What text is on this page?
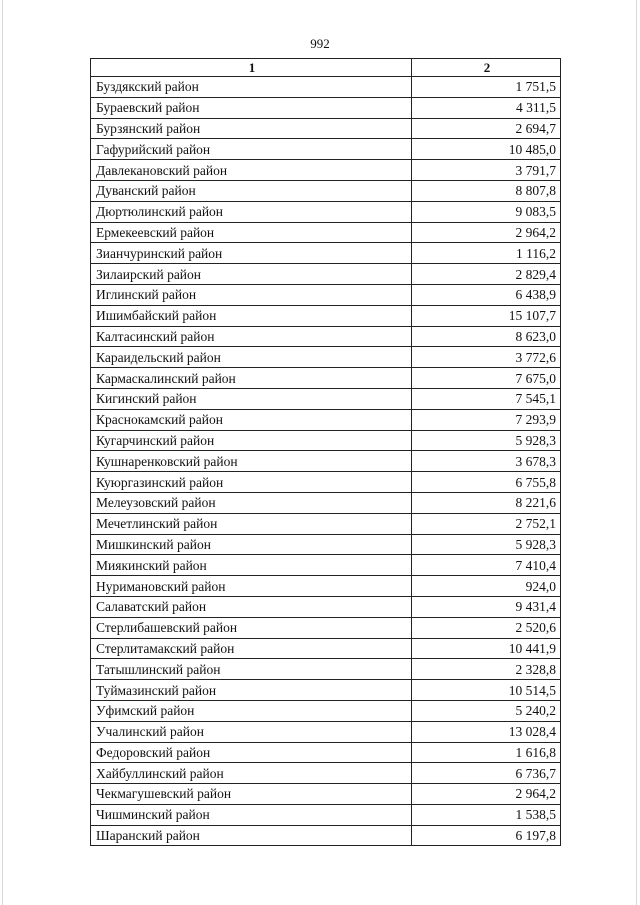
992
1	2
Буздякский район	1 751,5
Бураевский район	4 311,5
Бурзянский район	2 694,7
Гафурийский район	10 485,0
Давлекановский район	3 791,7
Дуванский район	8 807,8
Дюртюлинский район	9 083,5
Ермекеевский район	2 964,2
Зианчуринский район	1 116,2
Зилаирский район	2 829,4
Иглинский район	6 438,9
Ишимбайский район	15 107,7
Калтасинский район	8 623,0
Караидельский район	3 772,6
Кармаскалинский район	7 675,0
Кигинский район	7 545,1
Краснокамский район	7 293,9
Кугарчинский район	5 928,3
Кушнаренковский район	3 678,3
Куюргазинский район	6 755,8
Мелеузовский район	8 221,6
Мечетлинский район	2 752,1
Мишкинский район	5 928,3
Миякинский район	7 410,4
Нуримановский район	924,0
Салаватский район	9 431,4
Стерлибашевский район	2 520,6
Стерлитамакский район	10 441,9
Татышлинский район	2 328,8
Туймазинский район	10 514,5
Уфимский район	5 240,2
Учалинский район	13 028,4
Федоровский район	1 616,8
Хайбуллинский район	6 736,7
Чекмагушевский район	2 964,2
Чишминский район	1 538,5
Шаранский район	6 197,8
